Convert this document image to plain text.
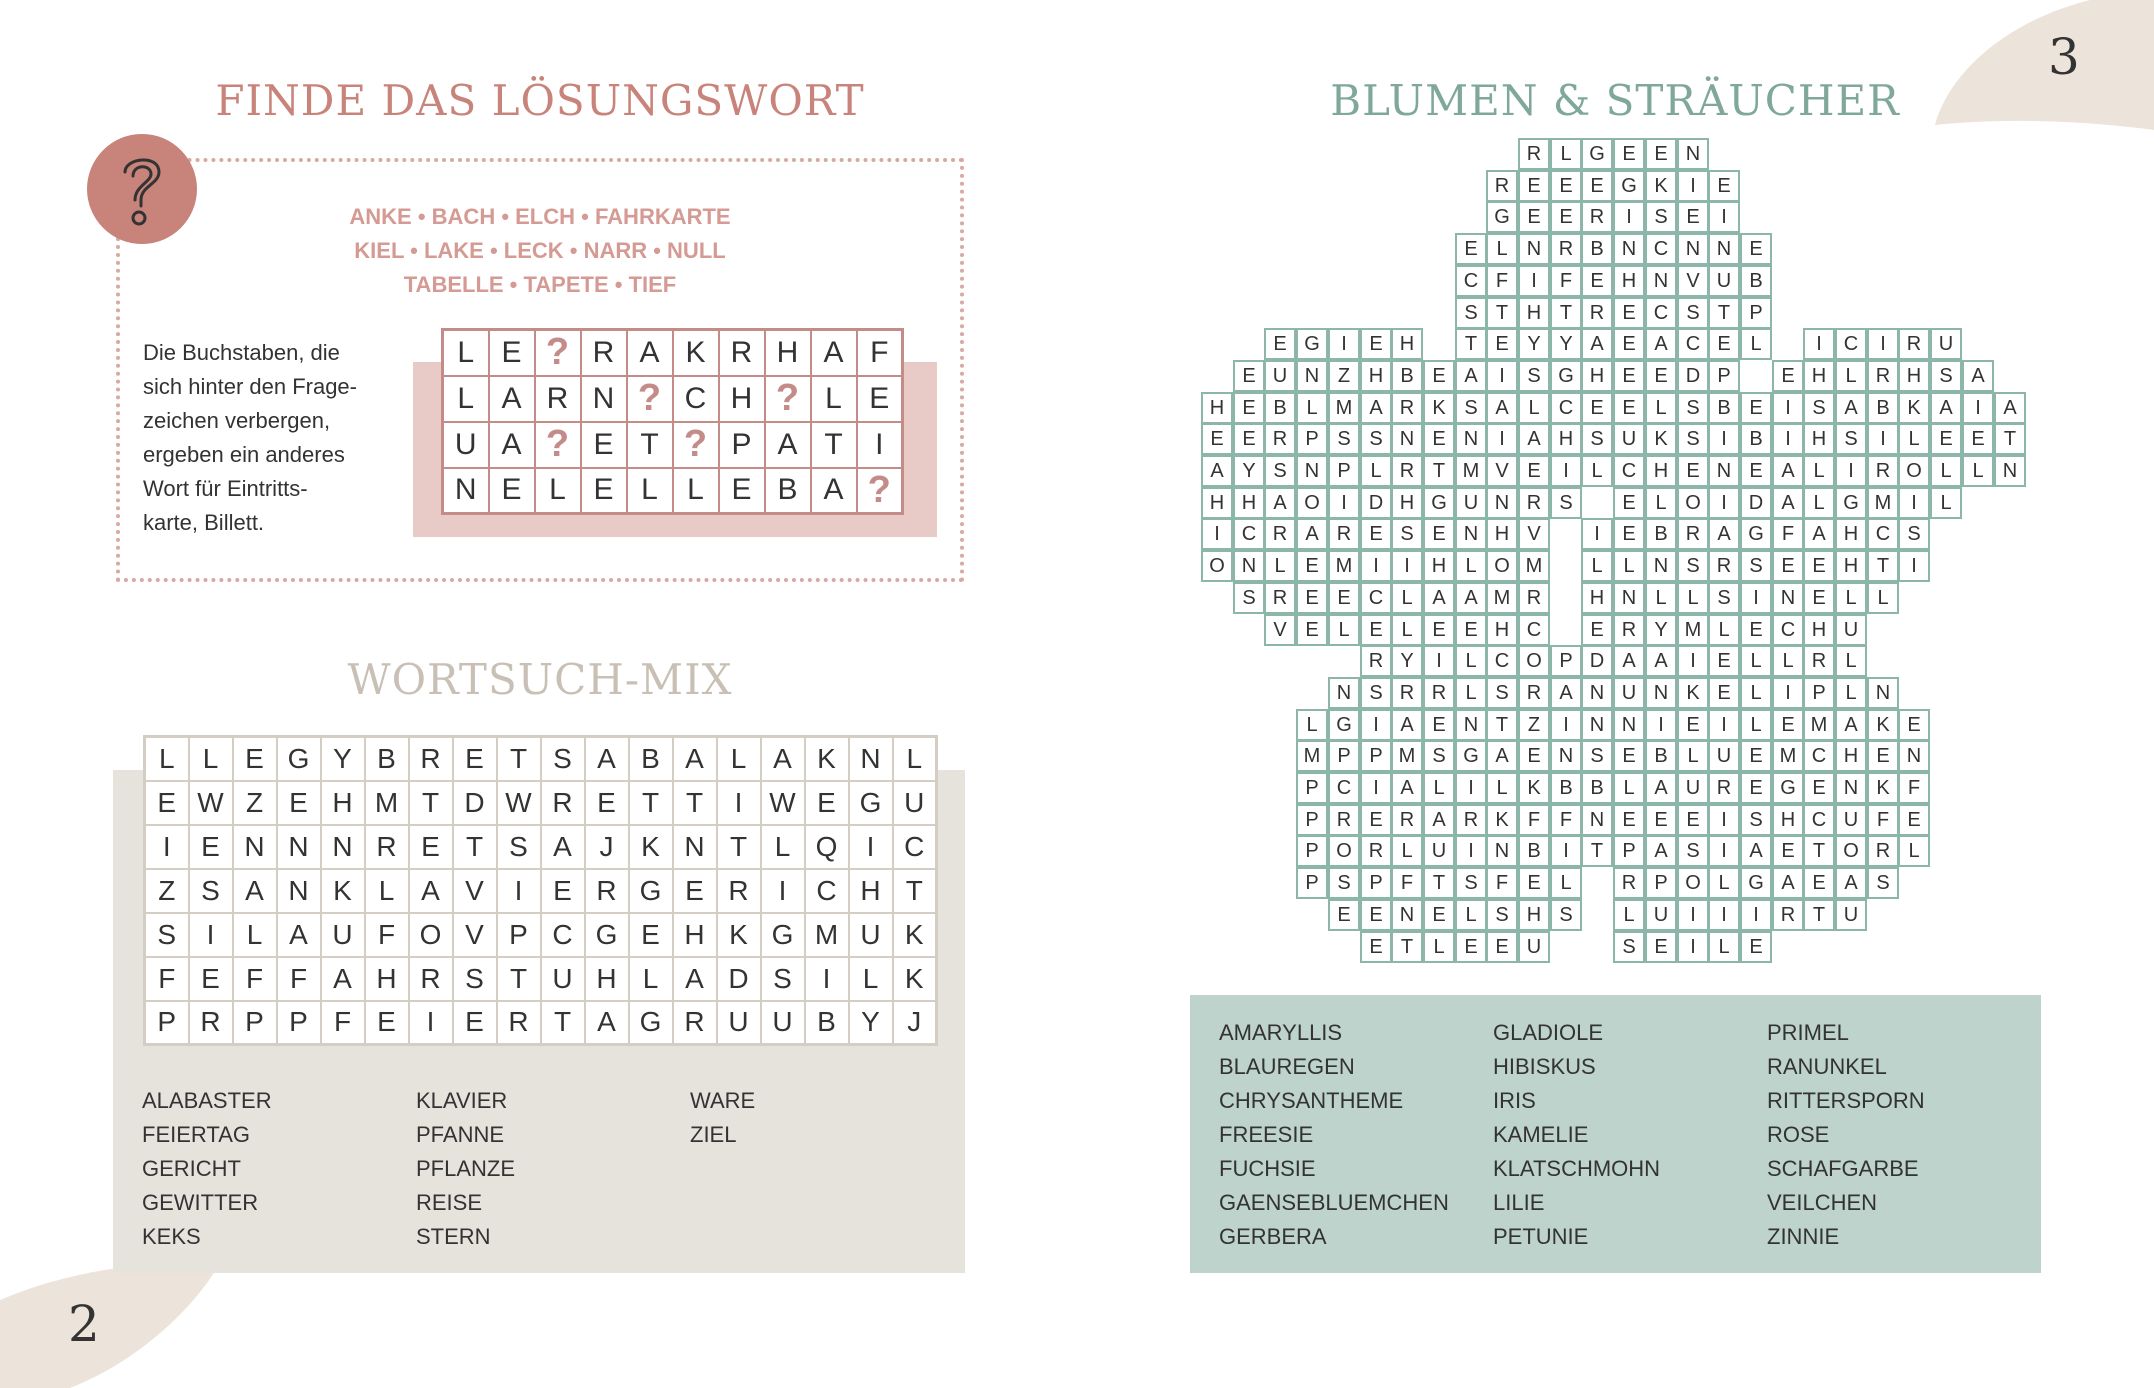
2
3
FINDE DAS LÖSUNGSWORT
ANKE • BACH • ELCH • FAHRKARTE
KIEL • LAKE • LECK • NARR • NULL
TABELLE • TAPETE • TIEF
Die Buchstaben, die
sich hinter den Frage-
zeichen verbergen,
ergeben ein anderes
Wort für Eintritts-
karte, Billett.
L	E	?	R	A	K	R	H	A	F
L	A	R	N	?	C	H	?	L	E
U	A	?	E	T	?	P	A	T	I
N	E	L	E	L	L	E	B	A	?
WORTSUCH-MIX
L	L	E	G	Y	B	R	E	T	S	A	B	A	L	A	K	N	L
E	W	Z	E	H	M	T	D	W	R	E	T	T	I	W	E	G	U
I	E	N	N	N	R	E	T	S	A	J	K	N	T	L	Q	I	C
Z	S	A	N	K	L	A	V	I	E	R	G	E	R	I	C	H	T
S	I	L	A	U	F	O	V	P	C	G	E	H	K	G	M	U	K
F	E	F	F	A	H	R	S	T	U	H	L	A	D	S	I	L	K
P	R	P	P	F	E	I	E	R	T	A	G	R	U	U	B	Y	J
ALABASTER
FEIERTAG
GERICHT
GEWITTER
KEKS
KLAVIER
PFANNE
PFLANZE
REISE
STERN
WARE
ZIEL
BLUMEN & STRÄUCHER
R L G E E N
R E E E G K	I	E
G E E R	I	S E	I
E L N R B N C N N E
C F	I	F E H N V U B
S T H T R E C S T P
E G	I	E H	T E Y Y A E A C E L	I	C	I	R U
E U N Z H B E A	I	S G H E E D P	E H L R H S A
H E B L M A R K S A L C E E L S B E	I	S A B K A	I	A
E E R P S S N E N	I	A H S U K S	I	B	I	H S	I	L E E T
A Y S N P L R T M V E	I	L C H E N E A L	I	R O L	L N
H H A O	I	D H G U N R S	E L O	I	D A L G M I	L
I	C R A R E S E N H V	I	E B R A G F A H C S
O N L E M	I	I	H L O M	L	L N S R S E E H T	I
S R E E C L A A M R	H N L	L S	I	N E L	L
V E L E L E E H C	E R Y M L E C H U
R Y	I	L C O P D A A	I	E L	L R L
N S R R L S R A N U N K E L	I	P L N
L G	I	A E N T Z	I	N N	I	E	I	L E M A K E
M P P M S G A E N S E B L U E M C H E N
P C	I	A L	I	L K B B L A U R E G E N K F
P R E R A R K F F N E E E	I	S H C U F E
P O R L U	I	N B	I	T P A S	I	A E T O R L
P S P F T S F E L	R P O L G A E A S
E E N E L S H S	L U	I	I	I	R T U
E T	L E E U	S E	I	L E
AMARYLLIS
BLAUREGEN
CHRYSANTHEME
FREESIE
FUCHSIE
GAENSEBLUEMCHEN
GERBERA
GLADIOLE
HIBISKUS
IRIS
KAMELIE
KLATSCHMOHN
LILIE
PETUNIE
PRIMEL
RANUNKEL
RITTERSPORN
ROSE
SCHAFGARBE
VEILCHEN
ZINNIE
